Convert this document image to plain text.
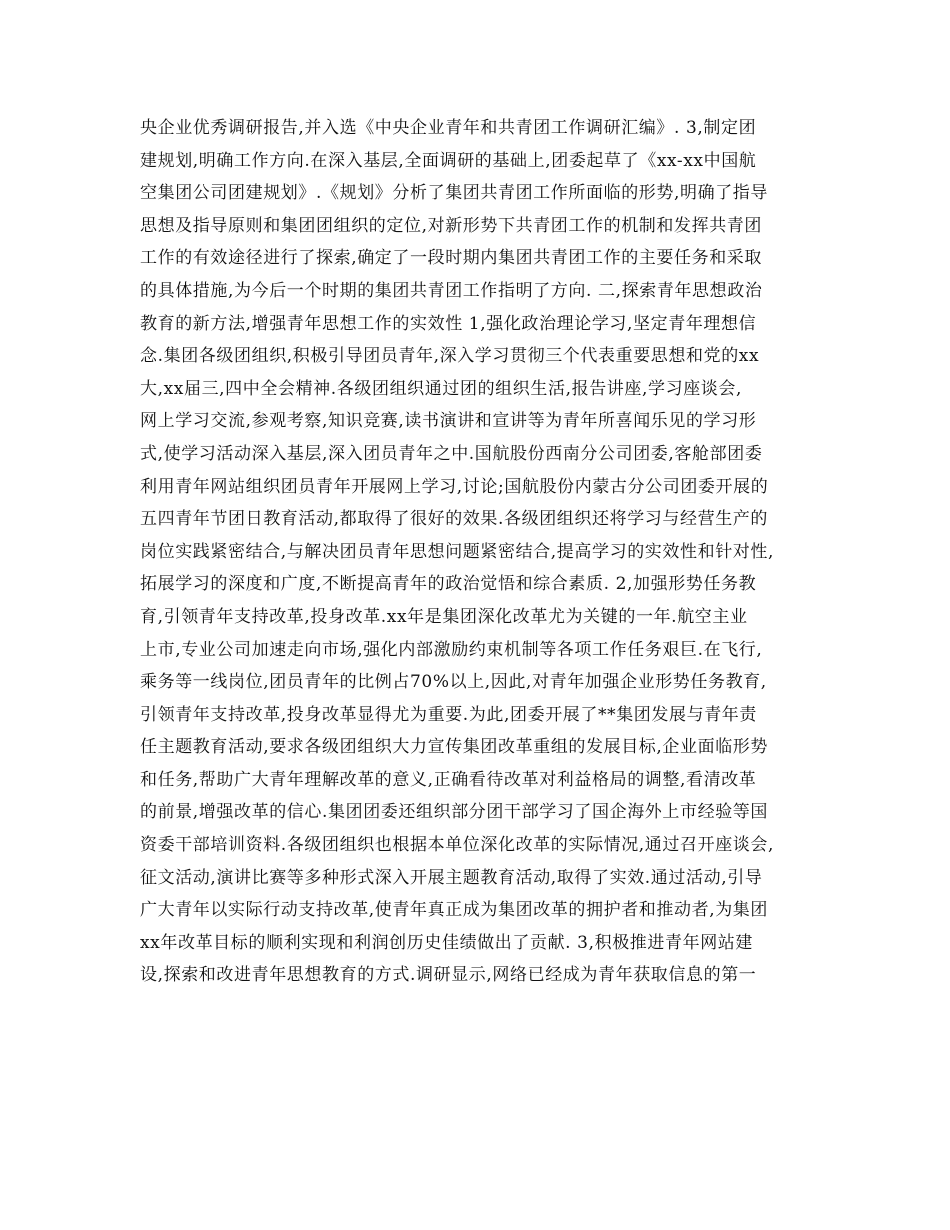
央企业优秀调研报告,并入选《中央企业青年和共青团工作调研汇编》. 3,制定团
建规划,明确工作方向.在深入基层,全面调研的基础上,团委起草了《xx-xx中国航
空集团公司团建规划》.《规划》分析了集团共青团工作所面临的形势,明确了指导
思想及指导原则和集团团组织的定位,对新形势下共青团工作的机制和发挥共青团
工作的有效途径进行了探索,确定了一段时期内集团共青团工作的主要任务和采取
的具体措施,为今后一个时期的集团共青团工作指明了方向. 二,探索青年思想政治
教育的新方法,增强青年思想工作的实效性 1,强化政治理论学习,坚定青年理想信
念.集团各级团组织,积极引导团员青年,深入学习贯彻三个代表重要思想和党的xx
大,xx届三,四中全会精神.各级团组织通过团的组织生活,报告讲座,学习座谈会,
网上学习交流,参观考察,知识竞赛,读书演讲和宣讲等为青年所喜闻乐见的学习形
式,使学习活动深入基层,深入团员青年之中.国航股份西南分公司团委,客舱部团委
利用青年网站组织团员青年开展网上学习,讨论;国航股份内蒙古分公司团委开展的
五四青年节团日教育活动,都取得了很好的效果.各级团组织还将学习与经营生产的
岗位实践紧密结合,与解决团员青年思想问题紧密结合,提高学习的实效性和针对性,
拓展学习的深度和广度,不断提高青年的政治觉悟和综合素质. 2,加强形势任务教
育,引领青年支持改革,投身改革.xx年是集团深化改革尤为关键的一年.航空主业
上市,专业公司加速走向市场,强化内部激励约束机制等各项工作任务艰巨.在飞行,
乘务等一线岗位,团员青年的比例占70%以上,因此,对青年加强企业形势任务教育,
引领青年支持改革,投身改革显得尤为重要.为此,团委开展了**集团发展与青年责
任主题教育活动,要求各级团组织大力宣传集团改革重组的发展目标,企业面临形势
和任务,帮助广大青年理解改革的意义,正确看待改革对利益格局的调整,看清改革
的前景,增强改革的信心.集团团委还组织部分团干部学习了国企海外上市经验等国
资委干部培训资料.各级团组织也根据本单位深化改革的实际情况,通过召开座谈会,
征文活动,演讲比赛等多种形式深入开展主题教育活动,取得了实效.通过活动,引导
广大青年以实际行动支持改革,使青年真正成为集团改革的拥护者和推动者,为集团
xx年改革目标的顺利实现和利润创历史佳绩做出了贡献. 3,积极推进青年网站建
设,探索和改进青年思想教育的方式.调研显示,网络已经成为青年获取信息的第一
